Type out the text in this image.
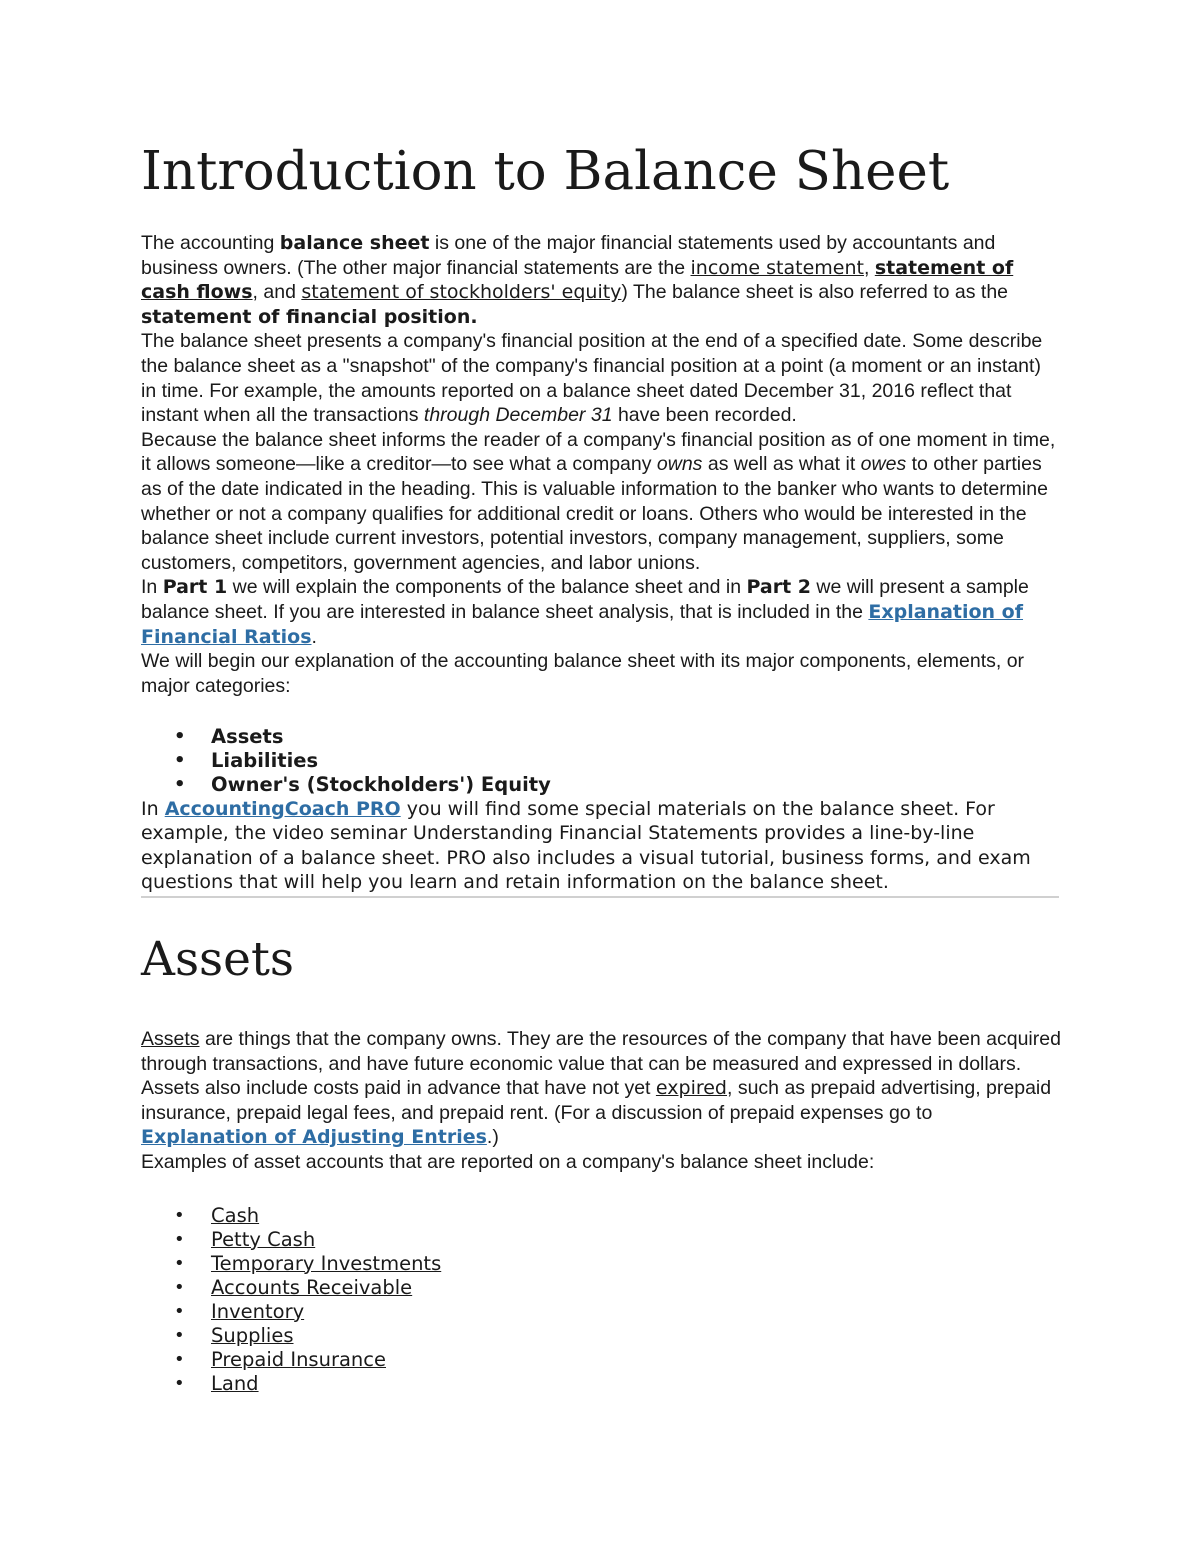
Introduction to Balance Sheet

The accounting balance sheet is one of the major financial statements used by accountants and business owners. (The other major financial statements are the income statement, statement of cash flows, and statement of stockholders' equity) The balance sheet is also referred to as the statement of financial position.

The balance sheet presents a company's financial position at the end of a specified date. Some describe the balance sheet as a "snapshot" of the company's financial position at a point (a moment or an instant) in time. For example, the amounts reported on a balance sheet dated December 31, 2016 reflect that instant when all the transactions through December 31 have been recorded.

Because the balance sheet informs the reader of a company's financial position as of one moment in time, it allows someone—like a creditor—to see what a company owns as well as what it owes to other parties as of the date indicated in the heading. This is valuable information to the banker who wants to determine whether or not a company qualifies for additional credit or loans. Others who would be interested in the balance sheet include current investors, potential investors, company management, suppliers, some customers, competitors, government agencies, and labor unions.

In Part 1 we will explain the components of the balance sheet and in Part 2 we will present a sample balance sheet. If you are interested in balance sheet analysis, that is included in the Explanation of Financial Ratios.

We will begin our explanation of the accounting balance sheet with its major components, elements, or major categories:

• Assets
• Liabilities
• Owner's (Stockholders') Equity

In AccountingCoach PRO you will find some special materials on the balance sheet. For example, the video seminar Understanding Financial Statements provides a line-by-line explanation of a balance sheet. PRO also includes a visual tutorial, business forms, and exam questions that will help you learn and retain information on the balance sheet.

Assets

Assets are things that the company owns. They are the resources of the company that have been acquired through transactions, and have future economic value that can be measured and expressed in dollars. Assets also include costs paid in advance that have not yet expired, such as prepaid advertising, prepaid insurance, prepaid legal fees, and prepaid rent. (For a discussion of prepaid expenses go to Explanation of Adjusting Entries.)

Examples of asset accounts that are reported on a company's balance sheet include:

• Cash
• Petty Cash
• Temporary Investments
• Accounts Receivable
• Inventory
• Supplies
• Prepaid Insurance
• Land
